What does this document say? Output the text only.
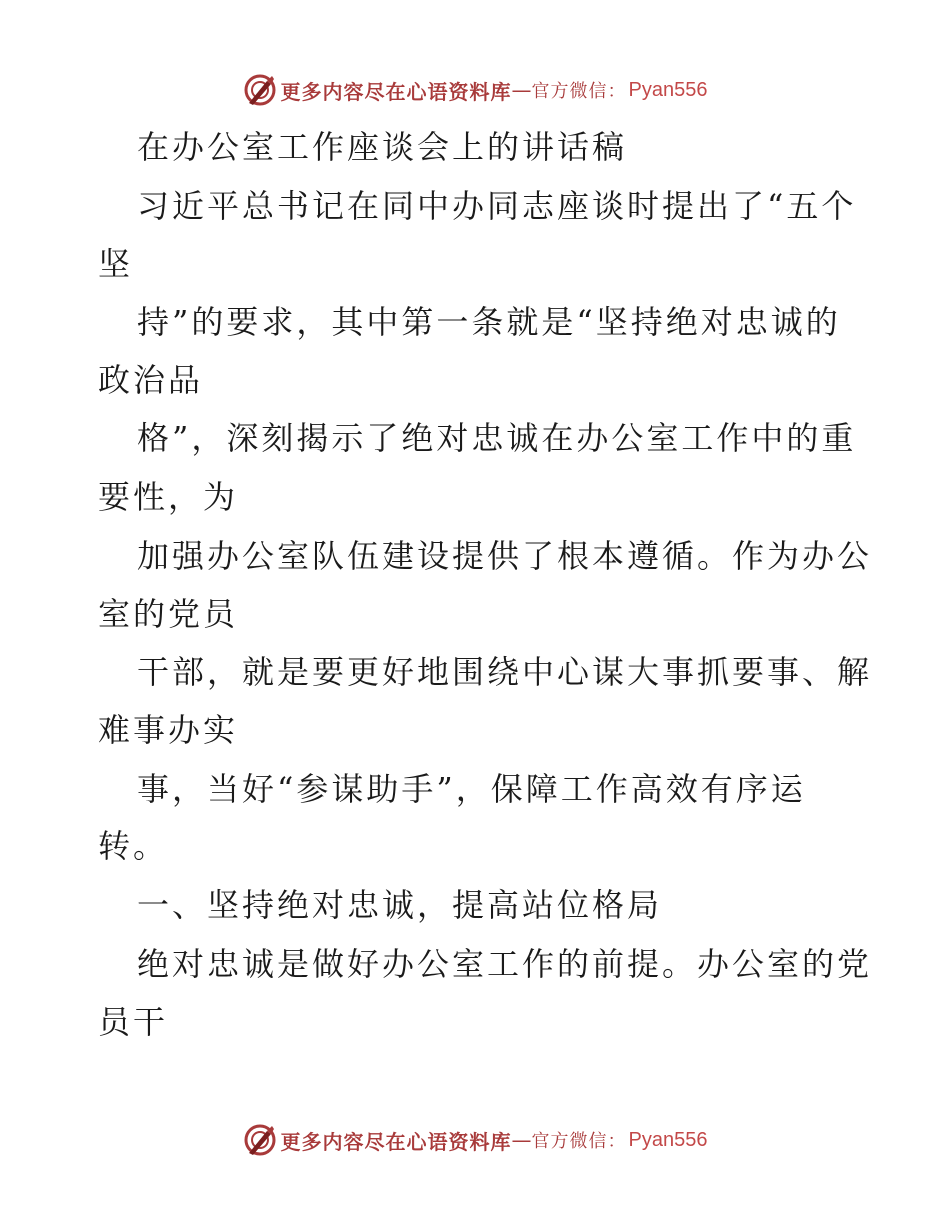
更多内容尽在心语资料库 — 官方微信： Pyan556
在办公室工作座谈会上的讲话稿
习近平总书记在同中办同志座谈时提出了“五个
坚
持”的要求，其中第一条就是“坚持绝对忠诚的
政治品
格”，深刻揭示了绝对忠诚在办公室工作中的重
要性，为
加强办公室队伍建设提供了根本遵循。作为办公
室的党员
干部，就是要更好地围绕中心谋大事抓要事、解
难事办实
事，当好“参谋助手”，保障工作高效有序运
转。
一、坚持绝对忠诚，提高站位格局
绝对忠诚是做好办公室工作的前提。办公室的党
员干
更多内容尽在心语资料库 — 官方微信： Pyan556
